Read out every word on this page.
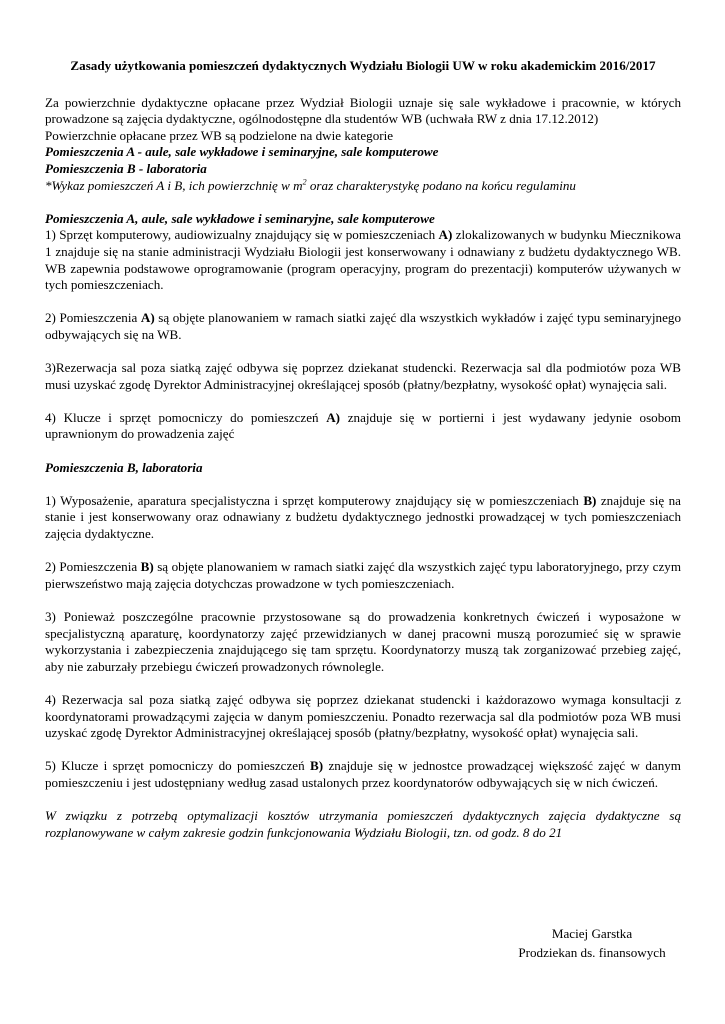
Zasady użytkowania pomieszczeń dydaktycznych Wydziału Biologii UW w roku akademickim 2016/2017

Za powierzchnie dydaktyczne opłacane przez Wydział Biologii uznaje się sale wykładowe i pracownie, w których prowadzone są zajęcia dydaktyczne, ogólnodostępne dla studentów WB (uchwała RW z dnia 17.12.2012)

Powierzchnie opłacane przez WB są podzielone na dwie kategorie

Pomieszczenia A - aule, sale wykładowe i seminaryjne, sale komputerowe

Pomieszczenia B - laboratoria

*Wykaz pomieszczeń A i B, ich powierzchnię w $m^2$ oraz charakterystykę podano na końcu regulaminu

Pomieszczenia A, aule, sale wykładowe i seminaryjne, sale komputerowe

1) Sprzęt komputerowy, audiowizualny znajdujący się w pomieszczeniach A) zlokalizowanych w budynku Miecznikowa 1 znajduje się na stanie administracji Wydziału Biologii jest konserwowany i odnawiany z budżetu dydaktycznego WB. WB zapewnia podstawowe oprogramowanie (program operacyjny, program do prezentacji) komputerów używanych w tych pomieszczeniach.

2) Pomieszczenia A) są objęte planowaniem w ramach siatki zajęć dla wszystkich wykładów i zajęć typu seminaryjnego odbywających się na WB.

3)Rezerwacja sal poza siatką zajęć odbywa się poprzez dziekanat studencki. Rezerwacja sal dla podmiotów poza WB musi uzyskać zgodę Dyrektor Administracyjnej określającej sposób (płatny/bezpłatny, wysokość opłat) wynajęcia sali.

4) Klucze i sprzęt pomocniczy do pomieszczeń A) znajduje się w portierni i jest wydawany jedynie osobom uprawnionym do prowadzenia zajęć

Pomieszczenia B, laboratoria

1) Wyposażenie, aparatura specjalistyczna i sprzęt komputerowy znajdujący się w pomieszczeniach B) znajduje się na stanie i jest konserwowany oraz odnawiany z budżetu dydaktycznego jednostki prowadzącej w tych pomieszczeniach zajęcia dydaktyczne.

2) Pomieszczenia B) są objęte planowaniem w ramach siatki zajęć dla wszystkich zajęć typu laboratoryjnego, przy czym pierwszeństwo mają zajęcia dotychczas prowadzone w tych pomieszczeniach.

3) Ponieważ poszczególne pracownie przystosowane są do prowadzenia konkretnych ćwiczeń i wyposażone w specjalistyczną aparaturę, koordynatorzy zajęć przewidzianych w danej pracowni muszą porozumieć się w sprawie wykorzystania i zabezpieczenia znajdującego się tam sprzętu. Koordynatorzy muszą tak zorganizować przebieg zajęć, aby nie zaburzały przebiegu ćwiczeń prowadzonych równolegle.

4) Rezerwacja sal poza siatką zajęć odbywa się poprzez dziekanat studencki i każdorazowo wymaga konsultacji z koordynatorami prowadzącymi zajęcia w danym pomieszczeniu. Ponadto rezerwacja sal dla podmiotów poza WB musi uzyskać zgodę Dyrektor Administracyjnej określającej sposób (płatny/bezpłatny, wysokość opłat) wynajęcia sali.

5) Klucze i sprzęt pomocniczy do pomieszczeń B) znajduje się w jednostce prowadzącej większość zajęć w danym pomieszczeniu i jest udostępniany według zasad ustalonych przez koordynatorów odbywających się w nich ćwiczeń.

W związku z potrzebą optymalizacji kosztów utrzymania pomieszczeń dydaktycznych zajęcia dydaktyczne są rozplanowywane w całym zakresie godzin funkcjonowania Wydziału Biologii, tzn. od godz. 8 do 21

Maciej Garstka
Prodziekan ds. finansowych
